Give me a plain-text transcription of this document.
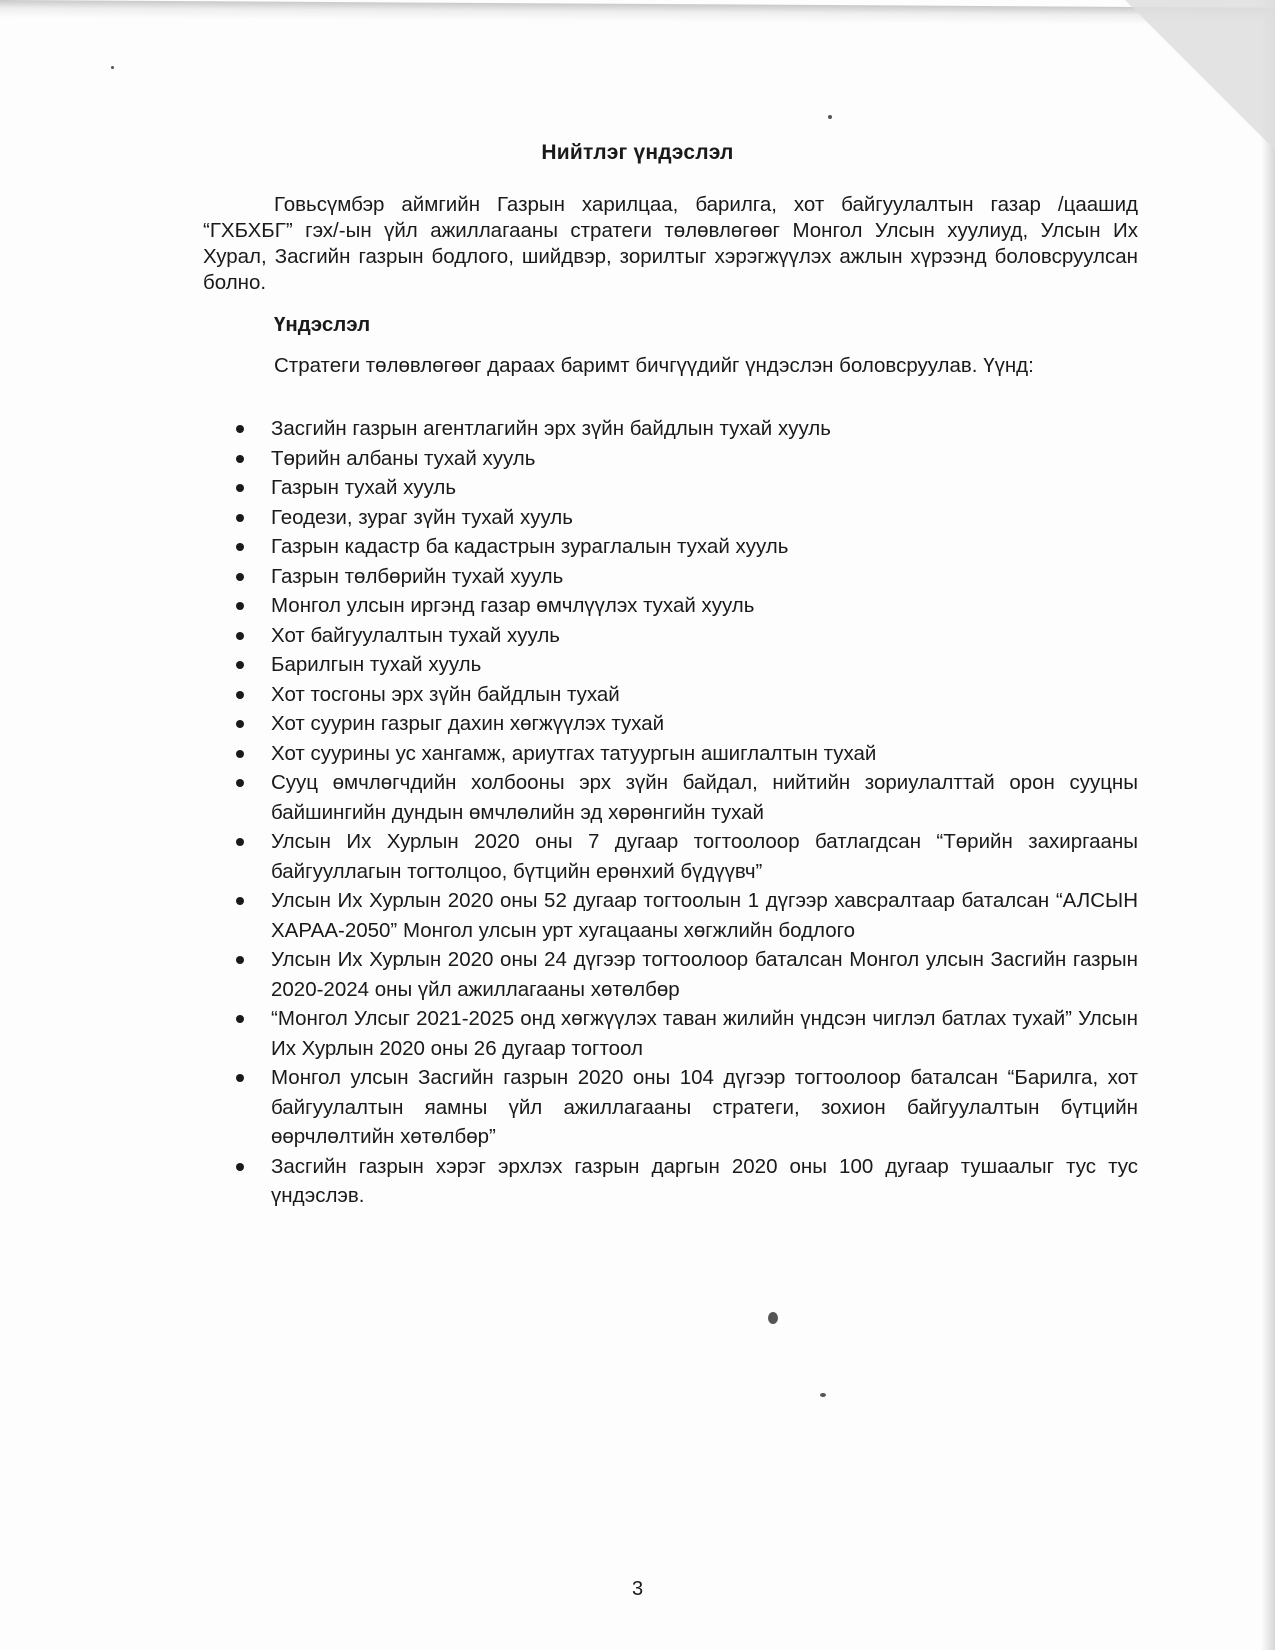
Нийтлэг үндэслэл

Говьсүмбэр аймгийн Газрын харилцаа, барилга, хот байгуулалтын газар /цаашид “ГХБХБГ” гэх/-ын үйл ажиллагааны стратеги төлөвлөгөөг Монгол Улсын хуулиуд, Улсын Их Хурал, Засгийн газрын бодлого, шийдвэр, зорилтыг хэрэгжүүлэх ажлын хүрээнд боловсруулсан болно.

Үндэслэл

Стратеги төлөвлөгөөг дараах баримт бичгүүдийг үндэслэн боловсруулав. Үүнд:

Засгийн газрын агентлагийн эрх зүйн байдлын тухай хууль
Төрийн албаны тухай хууль
Газрын тухай хууль
Геодези, зураг зүйн тухай хууль
Газрын кадастр ба кадастрын зураглалын тухай хууль
Газрын төлбөрийн тухай хууль
Монгол улсын иргэнд газар өмчлүүлэх тухай хууль
Хот байгуулалтын тухай хууль
Барилгын тухай хууль
Хот тосгоны эрх зүйн байдлын тухай
Хот суурин газрыг дахин хөгжүүлэх тухай
Хот суурины ус хангамж, ариутгах татуургын ашиглалтын тухай
Сууц өмчлөгчдийн холбооны эрх зүйн байдал, нийтийн зориулалттай орон сууцны байшингийн дундын өмчлөлийн эд хөрөнгийн тухай
Улсын Их Хурлын 2020 оны 7 дугаар тогтоолоор батлагдсан “Төрийн захиргааны байгууллагын тогтолцоо, бүтцийн ерөнхий бүдүүвч”
Улсын Их Хурлын 2020 оны 52 дугаар тогтоолын 1 дүгээр хавсралтаар баталсан “АЛСЫН ХАРАА-2050” Монгол улсын урт хугацааны хөгжлийн бодлого
Улсын Их Хурлын 2020 оны 24 дүгээр тогтоолоор баталсан Монгол улсын Засгийн газрын 2020-2024 оны үйл ажиллагааны хөтөлбөр
“Монгол Улсыг 2021-2025 онд хөгжүүлэх таван жилийн үндсэн чиглэл батлах тухай” Улсын Их Хурлын 2020 оны 26 дугаар тогтоол
Монгол улсын Засгийн газрын 2020 оны 104 дүгээр тогтоолоор баталсан “Барилга, хот байгуулалтын яамны үйл ажиллагааны стратеги, зохион байгуулалтын бүтцийн өөрчлөлтийн хөтөлбөр”
Засгийн газрын хэрэг эрхлэх газрын даргын 2020 оны 100 дугаар тушаалыг тус тус үндэслэв.
3
